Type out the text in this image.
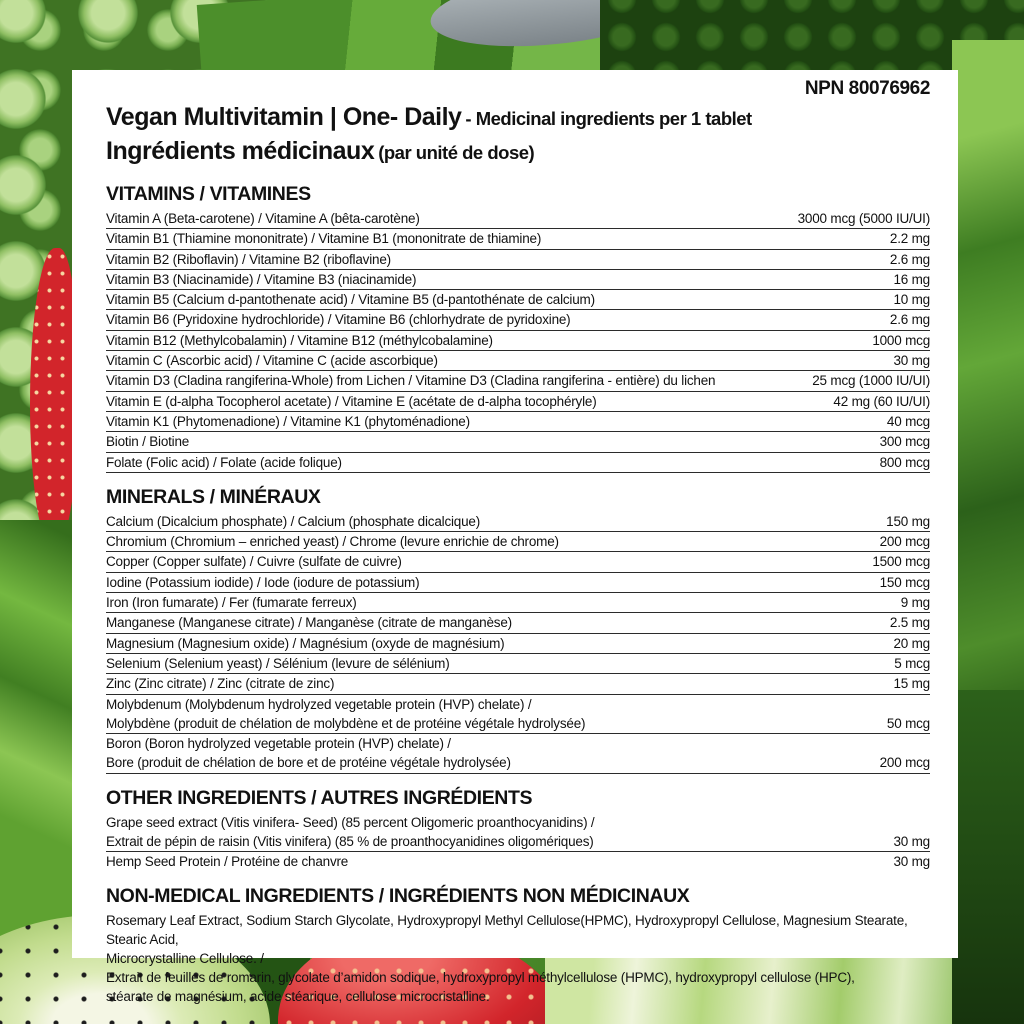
NPN 80076962
Vegan Multivitamin | One- Daily - Medicinal ingredients per 1 tablet
Ingrédients médicinaux (par unité de dose)
VITAMINS / VITAMINES
Vitamin A (Beta-carotene) / Vitamine A (bêta-carotène)	3000 mcg (5000 IU/UI)
Vitamin B1 (Thiamine mononitrate) / Vitamine B1 (mononitrate de thiamine)	2.2 mg
Vitamin B2 (Riboflavin) / Vitamine B2 (riboflavine)	2.6 mg
Vitamin B3 (Niacinamide) / Vitamine B3 (niacinamide)	16 mg
Vitamin B5 (Calcium d-pantothenate acid) / Vitamine B5 (d-pantothénate de calcium)	10 mg
Vitamin B6 (Pyridoxine hydrochloride) / Vitamine B6 (chlorhydrate de pyridoxine)	2.6 mg
Vitamin B12 (Methylcobalamin) / Vitamine B12 (méthylcobalamine)	1000 mcg
Vitamin C (Ascorbic acid) / Vitamine C (acide ascorbique)	30 mg
Vitamin D3 (Cladina rangiferina-Whole) from Lichen / Vitamine D3 (Cladina rangiferina - entière) du lichen	25 mcg (1000 IU/UI)
Vitamin E (d-alpha Tocopherol acetate) / Vitamine E (acétate de d-alpha tocophéryle)	42 mg (60 IU/UI)
Vitamin K1 (Phytomenadione) / Vitamine K1 (phytoménadione)	40 mcg
Biotin / Biotine	300 mcg
Folate (Folic acid) / Folate (acide folique)	800 mcg
MINERALS / MINÉRAUX
Calcium (Dicalcium phosphate) / Calcium (phosphate dicalcique)	150 mg
Chromium (Chromium – enriched yeast) / Chrome (levure enrichie de chrome)	200 mcg
Copper (Copper sulfate) / Cuivre (sulfate de cuivre)	1500 mcg
Iodine (Potassium iodide) / Iode (iodure de potassium)	150 mcg
Iron (Iron fumarate) / Fer (fumarate ferreux)	9 mg
Manganese (Manganese citrate) / Manganèse (citrate de manganèse)	2.5 mg
Magnesium (Magnesium oxide) / Magnésium (oxyde de magnésium)	20 mg
Selenium (Selenium yeast) / Sélénium (levure de sélénium)	5 mcg
Zinc (Zinc citrate) / Zinc (citrate de zinc)	15 mg
Molybdenum (Molybdenum hydrolyzed vegetable protein (HVP) chelate) /
Molybdène (produit de chélation de molybdène et de protéine végétale hydrolysée)	50 mcg
Boron (Boron hydrolyzed vegetable protein (HVP) chelate) /
Bore (produit de chélation de bore et de protéine végétale hydrolysée)	200 mcg
OTHER INGREDIENTS / AUTRES INGRÉDIENTS
Grape seed extract (Vitis vinifera- Seed) (85 percent Oligomeric proanthocyanidins) /
Extrait de pépin de raisin (Vitis vinifera) (85 % de proanthocyanidines oligomériques)	30 mg
Hemp Seed Protein / Protéine de chanvre	30 mg
NON-MEDICAL INGREDIENTS / INGRÉDIENTS NON MÉDICINAUX
Rosemary Leaf Extract, Sodium Starch Glycolate, Hydroxypropyl Methyl Cellulose(HPMC), Hydroxypropyl Cellulose, Magnesium Stearate, Stearic Acid,
Microcrystalline Cellulose. /
Extrait de feuilles de romarin, glycolate d’amidon sodique, hydroxypropyl méthylcellulose (HPMC), hydroxypropyl cellulose (HPC),
stéarate de magnésium, acide stéarique, cellulose microcristalline.
